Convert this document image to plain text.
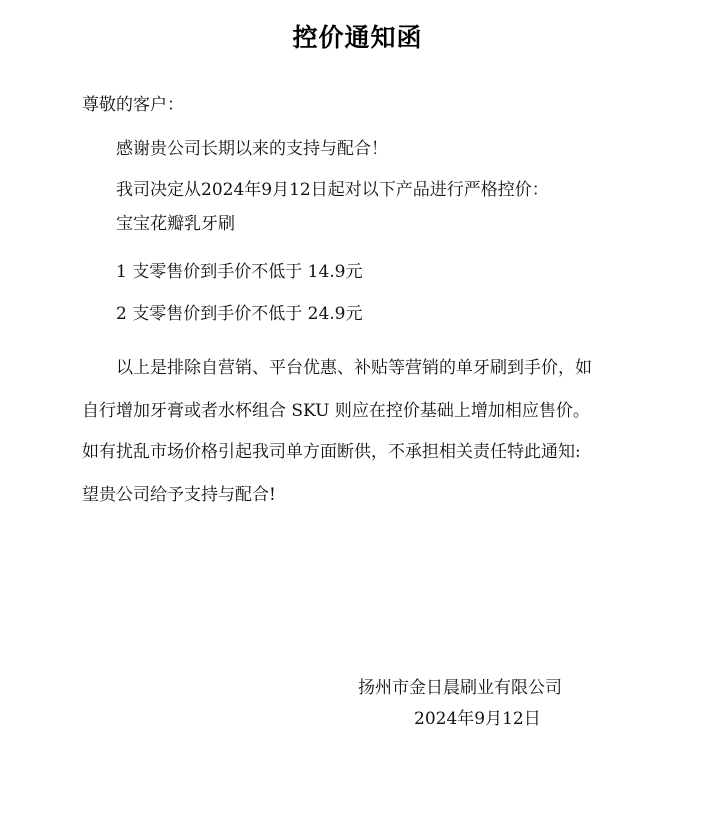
控价通知函
尊敬的客户：
感谢贵公司长期以来的支持与配合！
我司决定从2024年9月12日起对以下产品进行严格控价：
宝宝花瓣乳牙刷
1 支零售价到手价不低于 14.9元
2 支零售价到手价不低于 24.9元
以上是排除自营销、平台优惠、补贴等营销的单牙刷到手价，如
自行增加牙膏或者水杯组合 SKU 则应在控价基础上增加相应售价。
如有扰乱市场价格引起我司单方面断供，不承担相关责任特此通知:
望贵公司给予支持与配合!
扬州市金日晨刷业有限公司
2024年9月12日
